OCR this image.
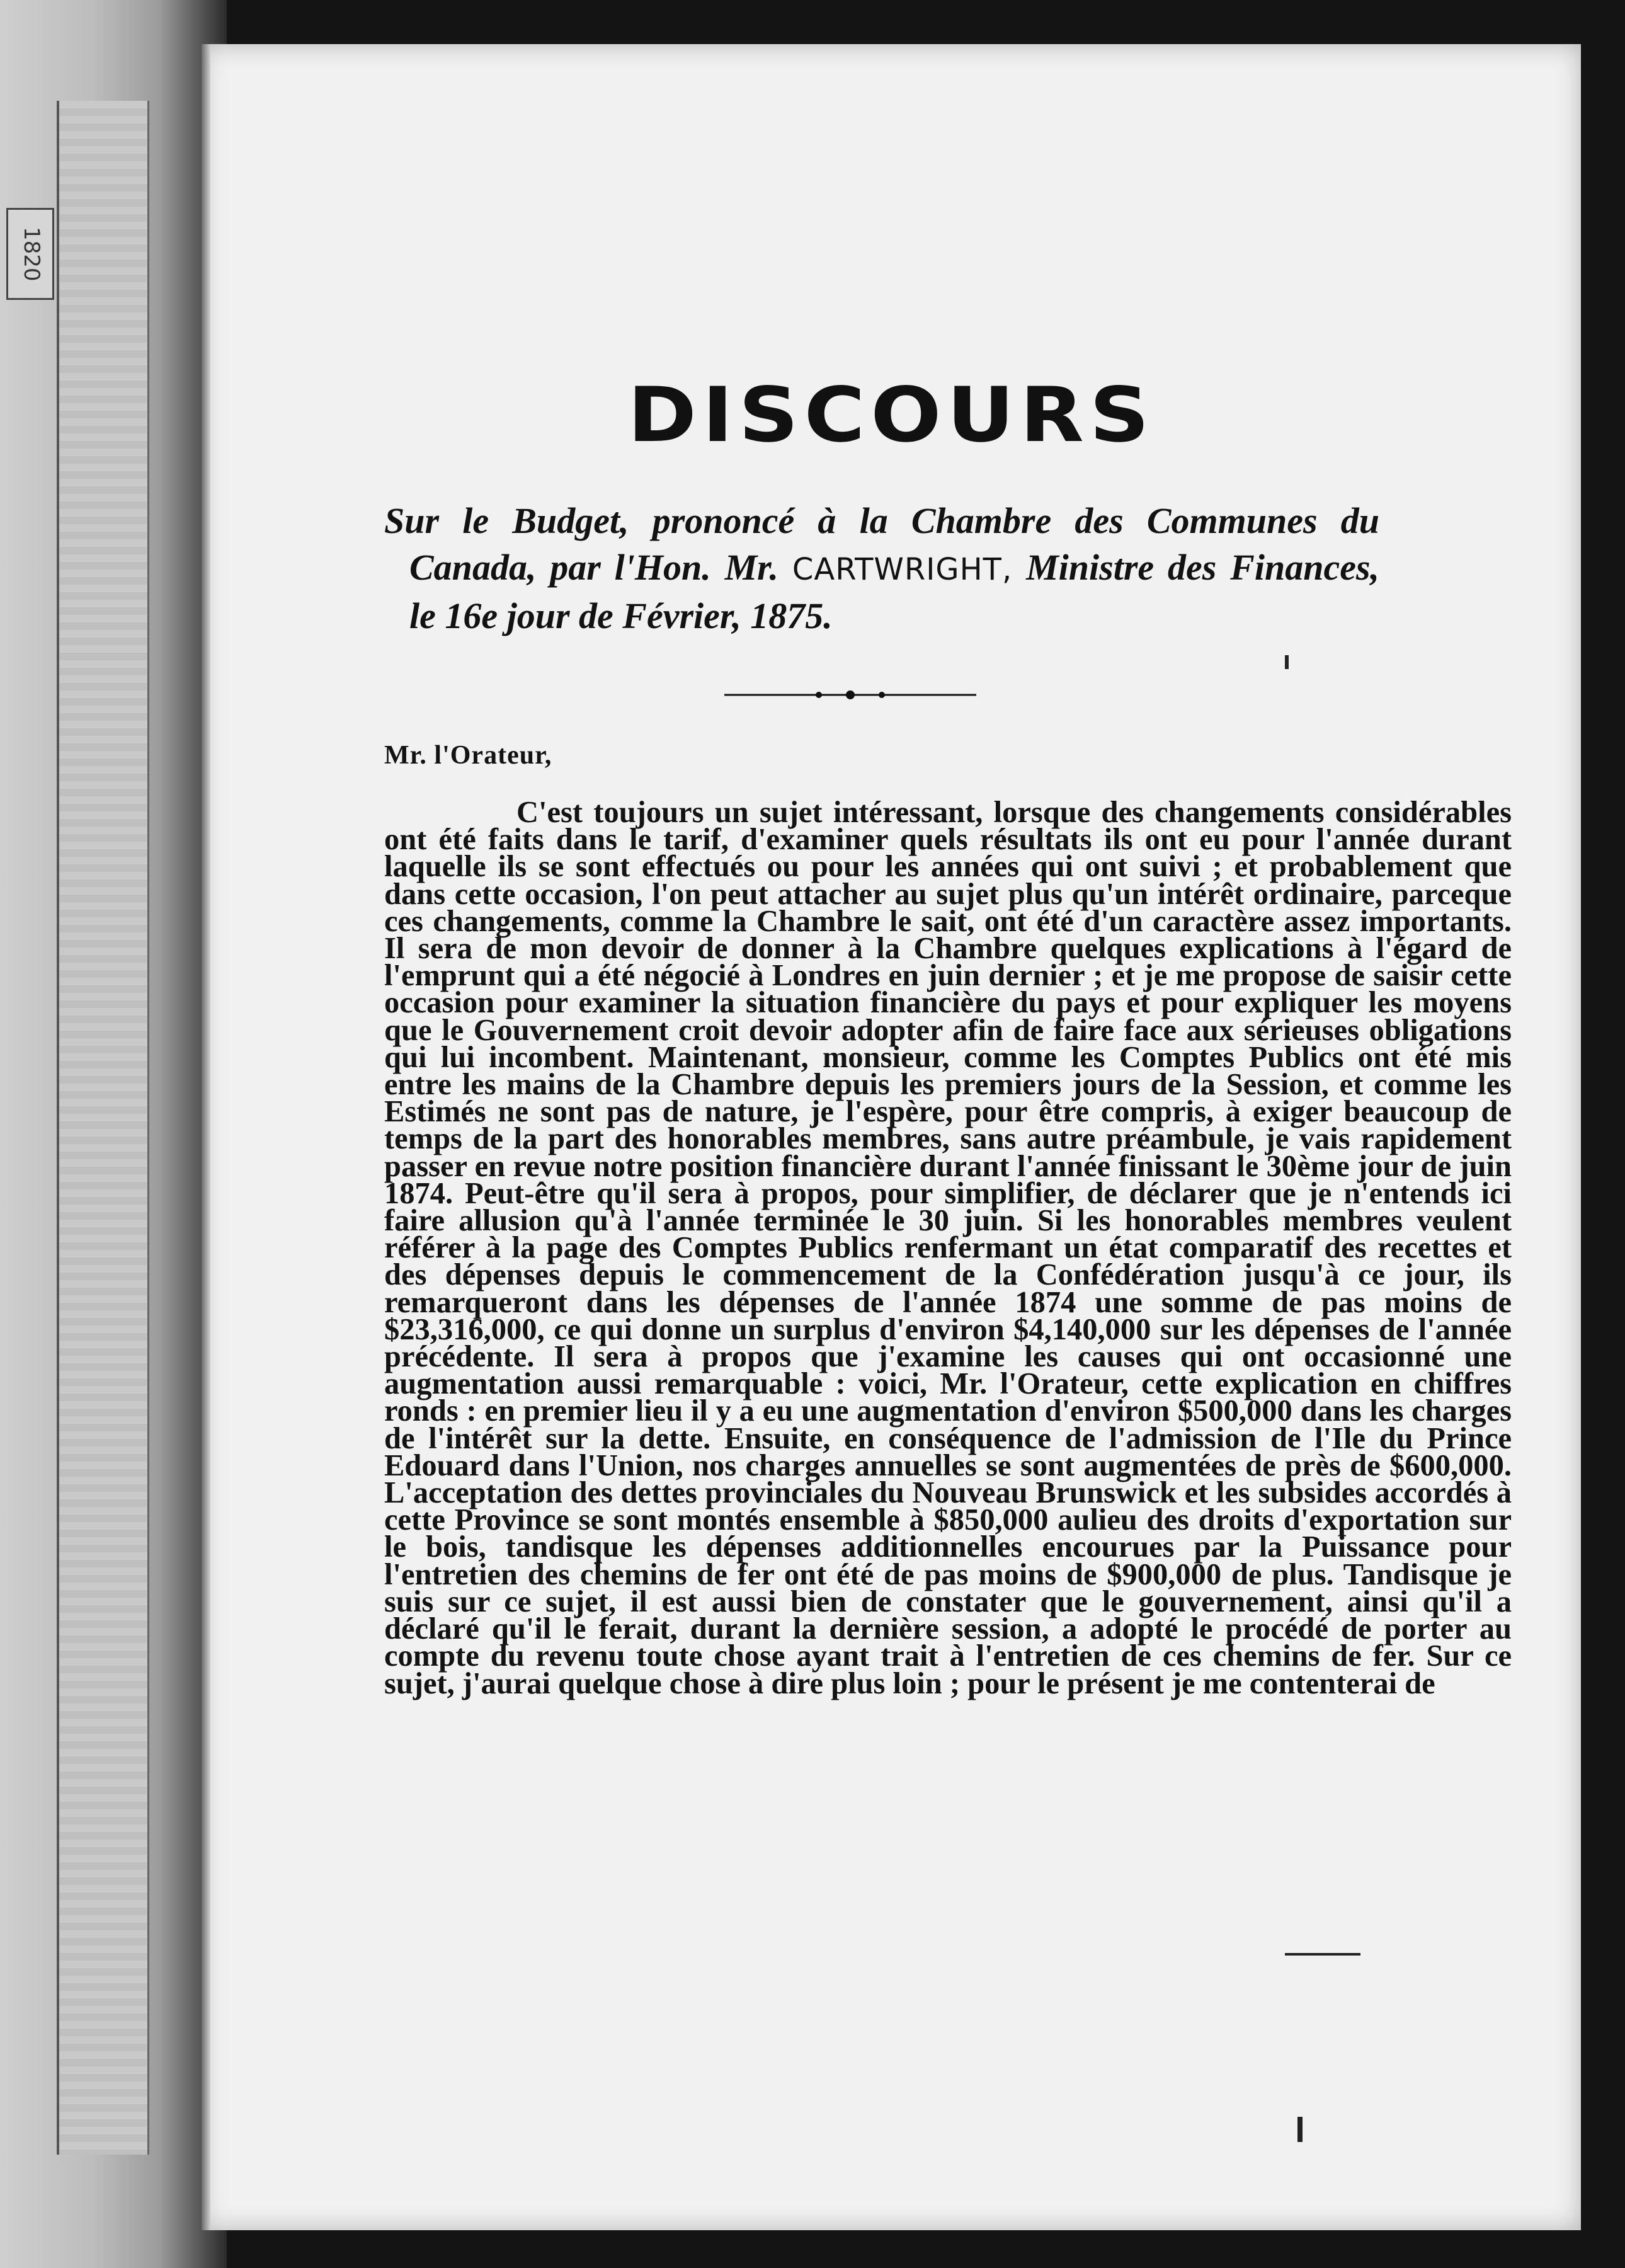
1820
DISCOURS
Sur le Budget, prononcé à la Chambre des Communes du Canada, par l'Hon. Mr. CARTWRIGHT, Ministre des Finances, le 16e jour de Février, 1875.
Mr. l'Orateur,
C'est toujours un sujet intéressant, lorsque des changements considérables ont été faits dans le tarif, d'examiner quels résultats ils ont eu pour l'année durant laquelle ils se sont effectués ou pour les années qui ont suivi ; et probablement que dans cette occasion, l'on peut attacher au sujet plus qu'un intérêt ordinaire, parceque ces changements, comme la Chambre le sait, ont été d'un caractère assez importants. Il sera de mon devoir de donner à la Chambre quelques explications à l'égard de l'emprunt qui a été négocié à Londres en juin dernier ; et je me propose de saisir cette occasion pour examiner la situation financière du pays et pour expliquer les moyens que le Gouvernement croit devoir adopter afin de faire face aux sérieuses obligations qui lui incombent. Maintenant, monsieur, comme les Comptes Publics ont été mis entre les mains de la Chambre depuis les premiers jours de la Session, et comme les Estimés ne sont pas de nature, je l'espère, pour être compris, à exiger beaucoup de temps de la part des honorables membres, sans autre préambule, je vais rapidement passer en revue notre position financière durant l'année finissant le 30ème jour de juin 1874. Peut-être qu'il sera à propos, pour simplifier, de déclarer que je n'entends ici faire allusion qu'à l'année terminée le 30 juin. Si les honorables membres veulent référer à la page des Comptes Publics renfermant un état comparatif des recettes et des dépenses depuis le commencement de la Confédération jusqu'à ce jour, ils remarqueront dans les dépenses de l'année 1874 une somme de pas moins de $23,316,000, ce qui donne un surplus d'environ $4,140,000 sur les dépenses de l'année précédente. Il sera à propos que j'examine les causes qui ont occasionné une augmentation aussi remarquable : voici, Mr. l'Orateur, cette explication en chiffres ronds : en premier lieu il y a eu une augmentation d'environ $500,000 dans les charges de l'intérêt sur la dette. Ensuite, en conséquence de l'admission de l'Ile du Prince Edouard dans l'Union, nos charges annuelles se sont augmentées de près de $600,000. L'acceptation des dettes provinciales du Nouveau Brunswick et les subsides accordés à cette Province se sont montés ensemble à $850,000 aulieu des droits d'exportation sur le bois, tandisque les dépenses additionnelles encourues par la Puissance pour l'entretien des chemins de fer ont été de pas moins de $900,000 de plus. Tandisque je suis sur ce sujet, il est aussi bien de constater que le gouvernement, ainsi qu'il a déclaré qu'il le ferait, durant la dernière session, a adopté le procédé de porter au compte du revenu toute chose ayant trait à l'entretien de ces chemins de fer. Sur ce sujet, j'aurai quelque chose à dire plus loin ; pour le présent je me contenterai de
